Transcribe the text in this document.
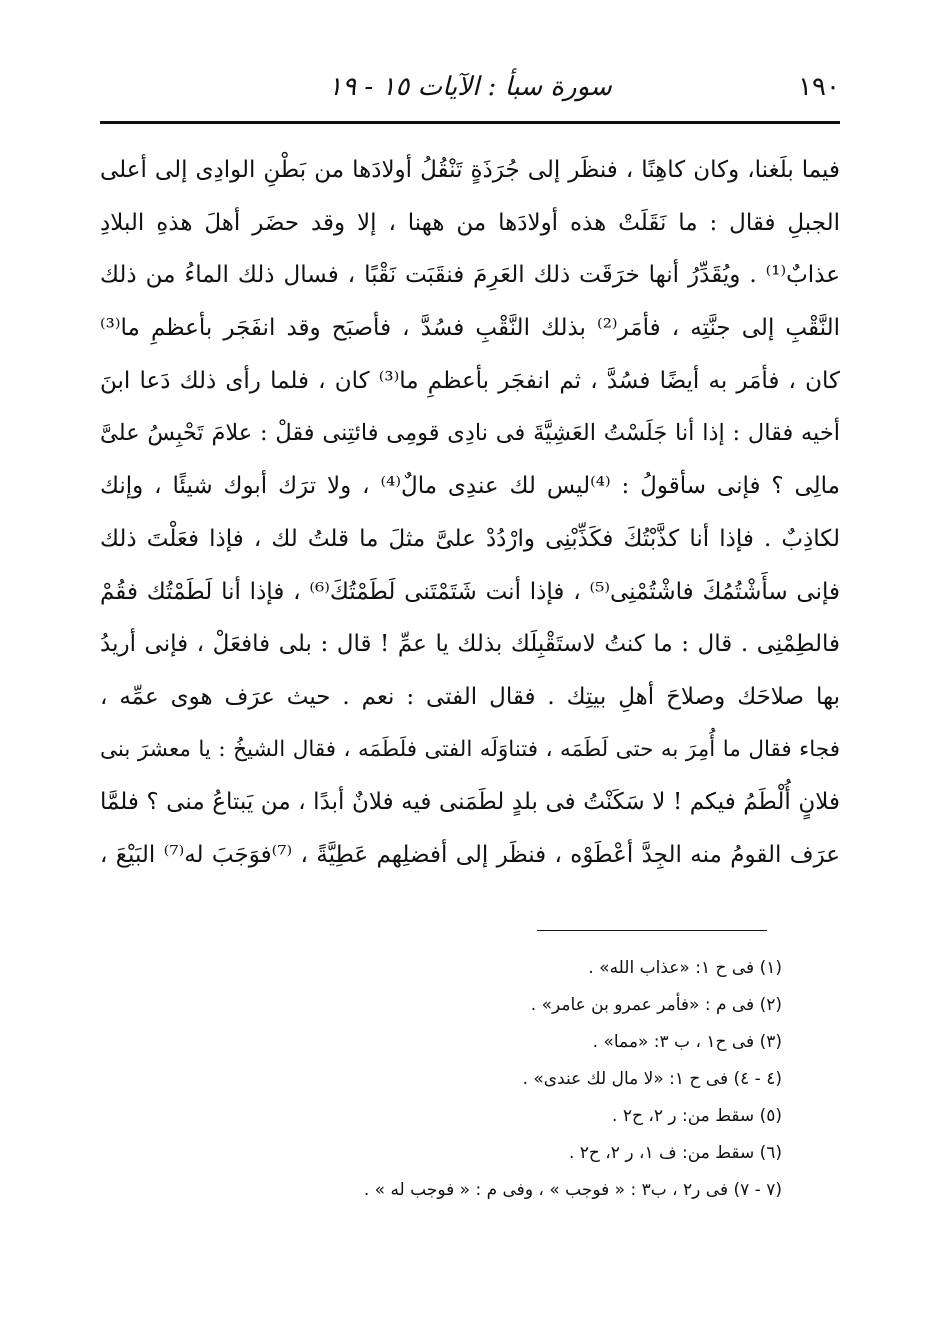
١٩٠
سورة سبأ : الآيات ١٥ - ١٩
فيما بلَغنا، وكان كاهِنًا ، فنظَر إلى جُرَذَةٍ تَنْقُلُ أولادَها من بَطْنِ الوادِى إلى أعلى
الجبلِ فقال : ما نَقَلَتْ هذه أولادَها من ههنا ، إلا وقد حضَر أهلَ هذهِ البلادِ
عذابٌ⁽¹⁾ . ويُقَدِّرُ أنها خرَقَت ذلك العَرِمَ فنقَبَت نَقْبًا ، فسال ذلك الماءُ من ذلك
النَّقْبِ إلى جنَّتِه ، فأمَر⁽²⁾ بذلك النَّقْبِ فسُدَّ ، فأصبَح وقد انفَجَر بأعظمِ ما⁽³⁾
كان ، فأمَر به أيضًا فسُدَّ ، ثم انفجَر بأعظمِ ما⁽³⁾ كان ، فلما رأى ذلك دَعا ابنَ
أخيه فقال : إذا أنا جَلَسْتُ العَشِيَّةَ فى نادِى قومِى فائتِنى فقلْ : علامَ تَحْبِسُ علىَّ
مالِى ؟ فإنى سأقولُ : ⁽⁴⁾ليس لك عندِى مالٌ⁽⁴⁾ ، ولا ترَك أبوك شيئًا ، وإنك
لكاذِبٌ . فإذا أنا كذَّبْتُكَ فكَذِّبْنِى وارْدُدْ علىَّ مثلَ ما قلتُ لك ، فإذا فعَلْتَ ذلك
فإنى سأَشْتُمُكَ فاشْتُمْنِى⁽⁵⁾ ، فإذا أنت شَتَمْتَنى لَطَمْتُكَ⁽⁶⁾ ، فإذا أنا لَطَمْتُك فقُمْ
فالطِمْنِى . قال : ما كنتُ لاستَقْبِلَك بذلك يا عمِّ ! قال : بلى فافعَلْ ، فإنى أريدُ
بها صلاحَك وصلاحَ أهلِ بيتِك . فقال الفتى : نعم . حيث عرَف هوى عمِّه ،
فجاء فقال ما أُمِرَ به حتى لَطَمَه ، فتناوَلَه الفتى فلَطَمَه ، فقال الشيخُ : يا معشرَ بنى
فلانٍ أُلْطَمُ فيكم ! لا سَكَنْتُ فى بلدٍ لطَمَنى فيه فلانٌ أبدًا ، من يَبتاعُ منى ؟ فلمَّا
عرَف القومُ منه الجِدَّ أعْطَوْه ، فنظَر إلى أفضلِهم عَطِيَّةً ، ⁽⁷⁾فوَجَبَ له⁽⁷⁾ البَيْعَ ،
(١) فى ح ١: «عذاب الله» .
(٢) فى م : «فأمر عمرو بن عامر» .
(٣) فى ح١ ، ب ٣: «مما» .
(٤ - ٤) فى ح ١: «لا مال لك عندى» .
(٥) سقط من: ر ٢، ح٢ .
(٦) سقط من: ف ١، ر ٢، ح٢ .
(٧ - ٧) فى ر٢ ، ب٣ : « فوجب » ، وفى م : « فوجب له » .
